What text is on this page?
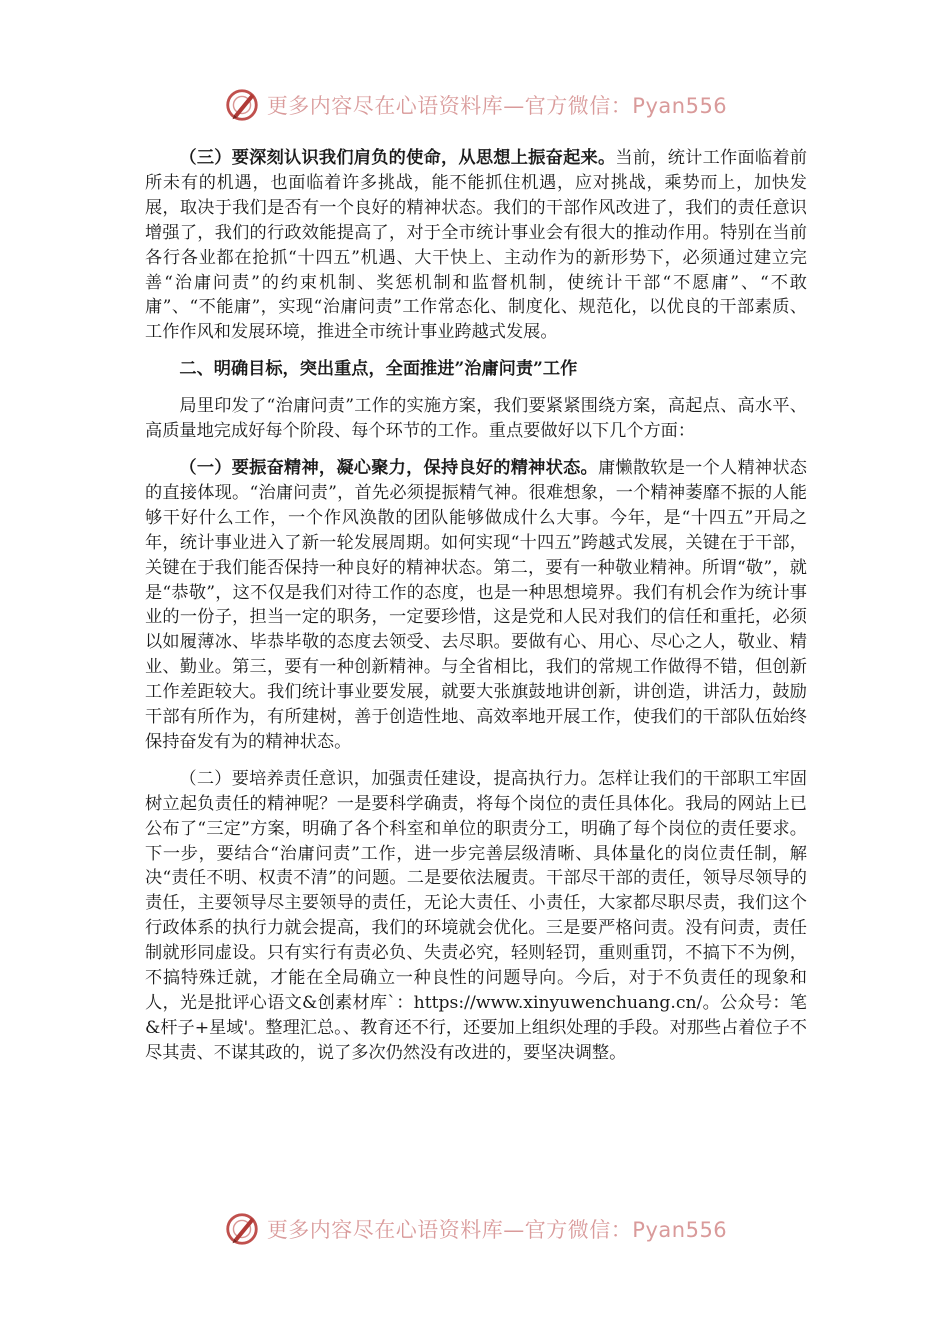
更多内容尽在心语资料库—官方微信：Pyan556

（三）要深刻认识我们肩负的使命，从思想上振奋起来。当前，统计工作面临着前所未有的机遇，也面临着许多挑战，能不能抓住机遇，应对挑战，乘势而上，加快发展，取决于我们是否有一个良好的精神状态。我们的干部作风改进了，我们的责任意识增强了，我们的行政效能提高了，对于全市统计事业会有很大的推动作用。特别在当前各行各业都在抢抓“十四五”机遇、大干快上、主动作为的新形势下，必须通过建立完善“治庸问责”的约束机制、奖惩机制和监督机制，使统计干部“不愿庸”、“不敢庸”、“不能庸”，实现“治庸问责”工作常态化、制度化、规范化，以优良的干部素质、工作作风和发展环境，推进全市统计事业跨越式发展。

二、明确目标，突出重点，全面推进”治庸问责”工作

局里印发了“治庸问责”工作的实施方案，我们要紧紧围绕方案，高起点、高水平、高质量地完成好每个阶段、每个环节的工作。重点要做好以下几个方面：

（一）要振奋精神，凝心聚力，保持良好的精神状态。庸懒散软是一个人精神状态的直接体现。“治庸问责”，首先必须提振精气神。很难想象，一个精神萎靡不振的人能够干好什么工作，一个作风涣散的团队能够做成什么大事。今年，是“十四五”开局之年，统计事业进入了新一轮发展周期。如何实现“十四五”跨越式发展，关键在于干部，关键在于我们能否保持一种良好的精神状态。第二，要有一种敬业精神。所谓“敬”，就是“恭敬”，这不仅是我们对待工作的态度，也是一种思想境界。我们有机会作为统计事业的一份子，担当一定的职务，一定要珍惜，这是党和人民对我们的信任和重托，必须以如履薄冰、毕恭毕敬的态度去领受、去尽职。要做有心、用心、尽心之人，敬业、精业、勤业。第三，要有一种创新精神。与全省相比，我们的常规工作做得不错，但创新工作差距较大。我们统计事业要发展，就要大张旗鼓地讲创新，讲创造，讲活力，鼓励干部有所作为，有所建树，善于创造性地、高效率地开展工作，使我们的干部队伍始终保持奋发有为的精神状态。

（二）要培养责任意识，加强责任建设，提高执行力。怎样让我们的干部职工牢固树立起负责任的精神呢？一是要科学确责，将每个岗位的责任具体化。我局的网站上已公布了“三定”方案，明确了各个科室和单位的职责分工，明确了每个岗位的责任要求。下一步，要结合“治庸问责”工作，进一步完善层级清晰、具体量化的岗位责任制，解决“责任不明、权责不清”的问题。二是要依法履责。干部尽干部的责任，领导尽领导的责任，主要领导尽主要领导的责任，无论大责任、小责任，大家都尽职尽责，我们这个行政体系的执行力就会提高，我们的环境就会优化。三是要严格问责。没有问责，责任制就形同虚设。只有实行有责必负、失责必究，轻则轻罚，重则重罚，不搞下不为例，不搞特殊迁就，才能在全局确立一种良性的问题导向。今后，对于不负责任的现象和人，光是批评心语文&创素材库`：https://www.xinyuwenchuang.cn/。公众号：笔&杆子+星域'。整理汇总。、教育还不行，还要加上组织处理的手段。对那些占着位子不尽其责、不谋其政的，说了多次仍然没有改进的，要坚决调整。

更多内容尽在心语资料库—官方微信：Pyan556
